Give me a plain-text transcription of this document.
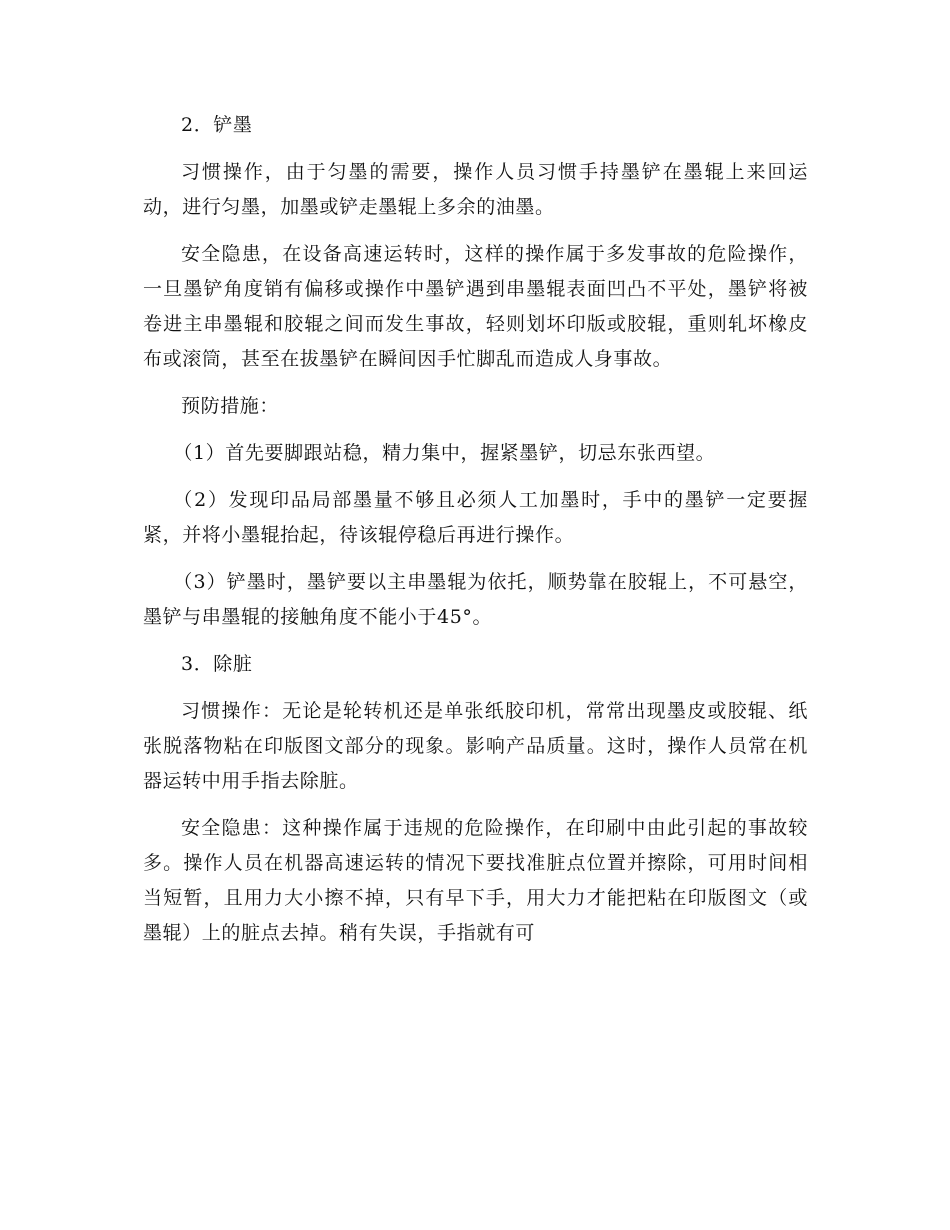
2．铲墨

习惯操作，由于匀墨的需要，操作人员习惯手持墨铲在墨辊上来回运动，进行匀墨，加墨或铲走墨辊上多余的油墨。

安全隐患，在设备高速运转时，这样的操作属于多发事故的危险操作，一旦墨铲角度销有偏移或操作中墨铲遇到串墨辊表面凹凸不平处，墨铲将被卷进主串墨辊和胶辊之间而发生事故，轻则划坏印版或胶辊，重则轧坏橡皮布或滚筒，甚至在拔墨铲在瞬间因手忙脚乱而造成人身事故。

预防措施：

（1）首先要脚跟站稳，精力集中，握紧墨铲，切忌东张西望。

（2）发现印品局部墨量不够且必须人工加墨时，手中的墨铲一定要握紧，并将小墨辊抬起，待该辊停稳后再进行操作。

（3）铲墨时，墨铲要以主串墨辊为依托，顺势靠在胶辊上，不可悬空，墨铲与串墨辊的接触角度不能小于45°。

3．除脏

习惯操作：无论是轮转机还是单张纸胶印机，常常出现墨皮或胶辊、纸张脱落物粘在印版图文部分的现象。影响产品质量。这时，操作人员常在机器运转中用手指去除脏。

安全隐患：这种操作属于违规的危险操作，在印刷中由此引起的事故较多。操作人员在机器高速运转的情况下要找准脏点位置并擦除，可用时间相当短暂，且用力大小擦不掉，只有早下手，用大力才能把粘在印版图文（或墨辊）上的脏点去掉。稍有失误，手指就有可
